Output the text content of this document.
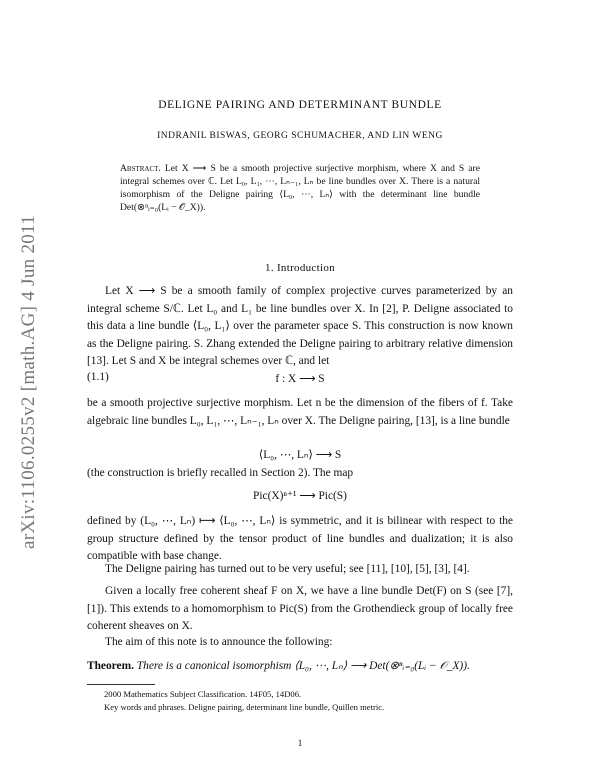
arXiv:1106.0255v2 [math.AG] 4 Jun 2011
DELIGNE PAIRING AND DETERMINANT BUNDLE
INDRANIL BISWAS, GEORG SCHUMACHER, AND LIN WENG
Abstract. Let X ⟶ S be a smooth projective surjective morphism, where X and S are integral schemes over ℂ. Let L₀, L₁, ⋯, Lₙ₋₁, Lₙ be line bundles over X. There is a natural isomorphism of the Deligne pairing ⟨L₀, ⋯, Lₙ⟩ with the determinant line bundle Det(⊗ⁿᵢ₌₀(Lᵢ − 𝒪_X)).
1. Introduction
Let X ⟶ S be a smooth family of complex projective curves parameterized by an integral scheme S/ℂ. Let L₀ and L₁ be line bundles over X. In [2], P. Deligne associated to this data a line bundle ⟨L₀, L₁⟩ over the parameter space S. This construction is now known as the Deligne pairing. S. Zhang extended the Deligne pairing to arbitrary relative dimension [13]. Let S and X be integral schemes over ℂ, and let
(1.1)	f : X ⟶ S
be a smooth projective surjective morphism. Let n be the dimension of the fibers of f. Take algebraic line bundles L₀, L₁, ⋯, Lₙ₋₁, Lₙ over X. The Deligne pairing, [13], is a line bundle
⟨L₀, ⋯, Lₙ⟩ ⟶ S
(the construction is briefly recalled in Section 2). The map
Pic(X)ⁿ⁺¹ ⟶ Pic(S)
defined by (L₀, ⋯, Lₙ) ⟼ ⟨L₀, ⋯, Lₙ⟩ is symmetric, and it is bilinear with respect to the group structure defined by the tensor product of line bundles and dualization; it is also compatible with base change.
The Deligne pairing has turned out to be very useful; see [11], [10], [5], [3], [4].
Given a locally free coherent sheaf F on X, we have a line bundle Det(F) on S (see [7], [1]). This extends to a homomorphism to Pic(S) from the Grothendieck group of locally free coherent sheaves on X.
The aim of this note is to announce the following:
Theorem. There is a canonical isomorphism ⟨L₀, ⋯, Lₙ⟩ ⟶ Det(⊗ⁿᵢ₌₀(Lᵢ − 𝒪_X)).
2000 Mathematics Subject Classification. 14F05, 14D06.
Key words and phrases. Deligne pairing, determinant line bundle, Quillen metric.
1
